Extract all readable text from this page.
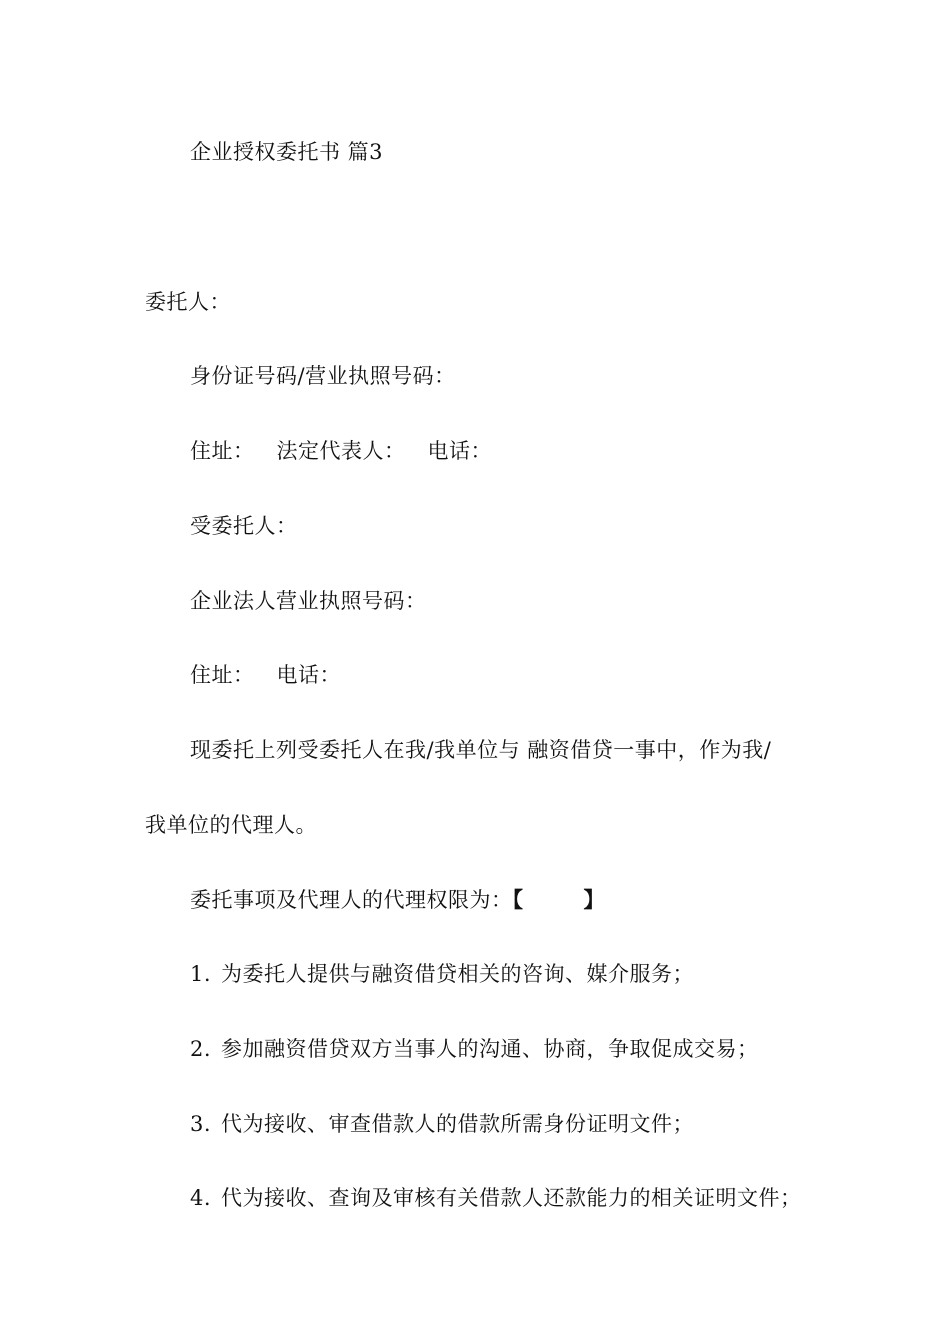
企业授权委托书 篇3
委托人：
身份证号码/营业执照号码：
住址： 法定代表人： 电话：
受委托人：
企业法人营业执照号码：
住址： 电话：
现委托上列受委托人在我/我单位与 融资借贷一事中，作为我/
我单位的代理人。
委托事项及代理人的代理权限为：【	】
1. 为委托人提供与融资借贷相关的咨询、媒介服务；
2. 参加融资借贷双方当事人的沟通、协商，争取促成交易；
3. 代为接收、审查借款人的借款所需身份证明文件；
4. 代为接收、查询及审核有关借款人还款能力的相关证明文件；
